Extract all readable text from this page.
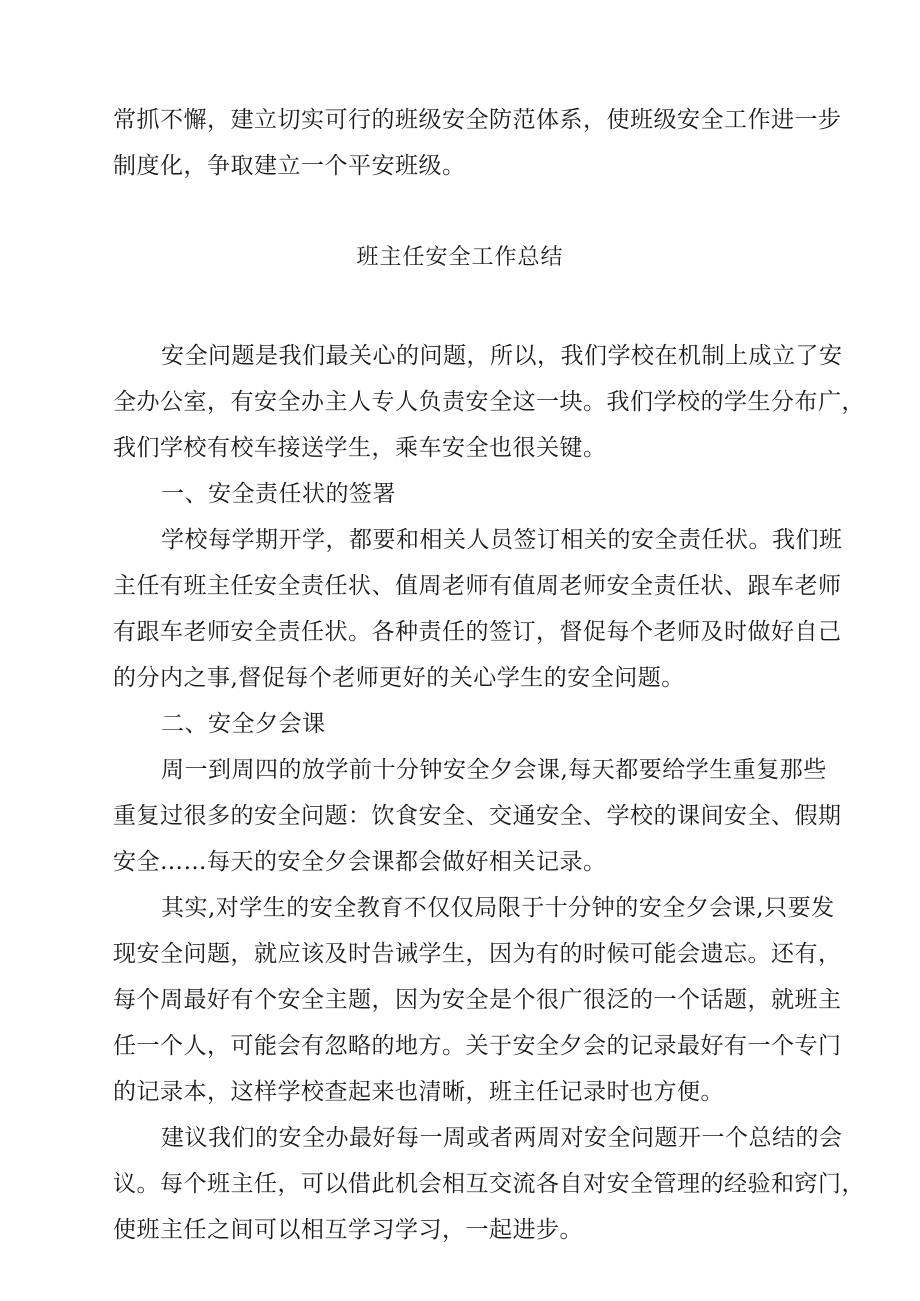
常抓不懈，建立切实可行的班级安全防范体系，使班级安全工作进一步
制度化，争取建立一个平安班级。
班主任安全工作总结
安全问题是我们最关心的问题，所以，我们学校在机制上成立了安
全办公室，有安全办主人专人负责安全这一块。我们学校的学生分布广，
我们学校有校车接送学生，乘车安全也很关键。
一、安全责任状的签署
学校每学期开学，都要和相关人员签订相关的安全责任状。我们班
主任有班主任安全责任状、值周老师有值周老师安全责任状、跟车老师
有跟车老师安全责任状。各种责任的签订，督促每个老师及时做好自己
的分内之事,督促每个老师更好的关心学生的安全问题。
二、安全夕会课
周一到周四的放学前十分钟安全夕会课,每天都要给学生重复那些
重复过很多的安全问题：饮食安全、交通安全、学校的课间安全、假期
安全……每天的安全夕会课都会做好相关记录。
其实,对学生的安全教育不仅仅局限于十分钟的安全夕会课,只要发
现安全问题，就应该及时告诫学生，因为有的时候可能会遗忘。还有，
每个周最好有个安全主题，因为安全是个很广很泛的一个话题，就班主
任一个人，可能会有忽略的地方。关于安全夕会的记录最好有一个专门
的记录本，这样学校查起来也清晰，班主任记录时也方便。
建议我们的安全办最好每一周或者两周对安全问题开一个总结的会
议。每个班主任，可以借此机会相互交流各自对安全管理的经验和窍门，
使班主任之间可以相互学习学习，一起进步。
